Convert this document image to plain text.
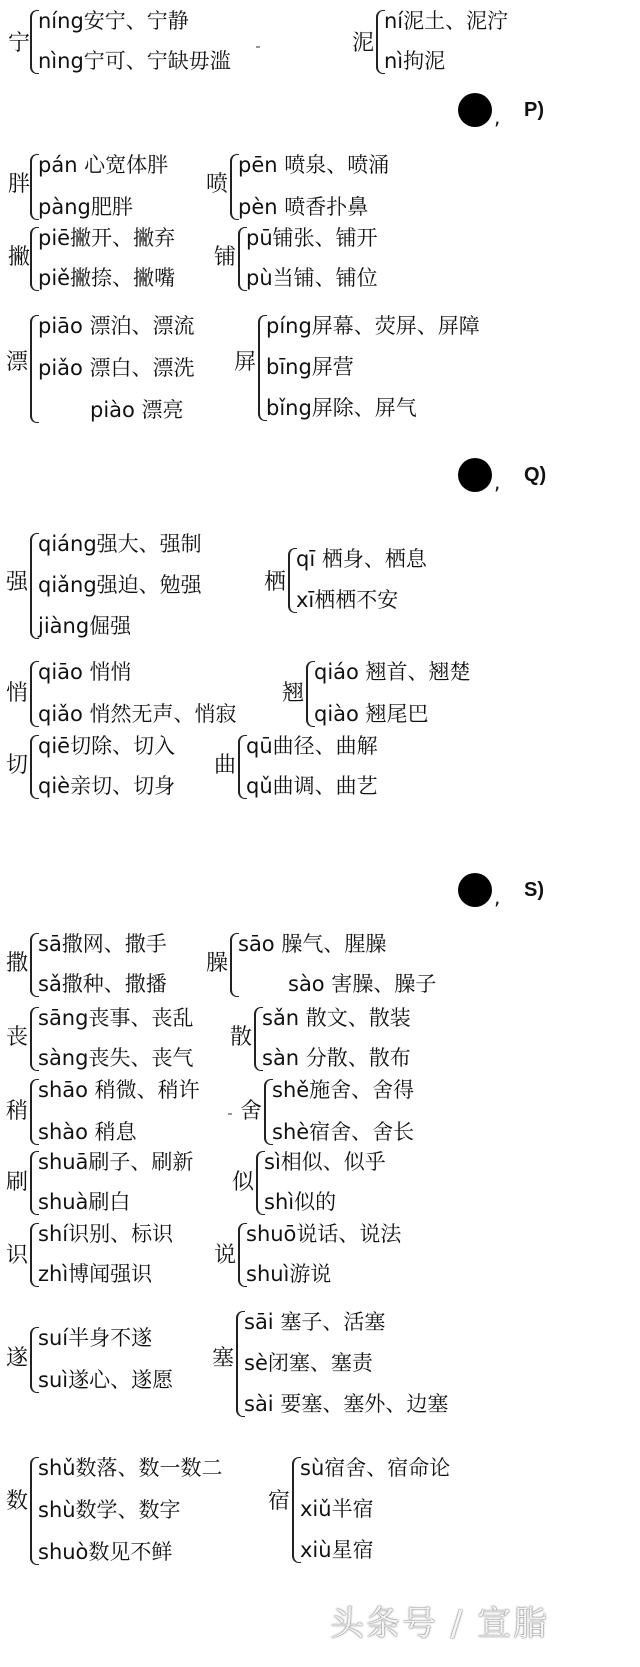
, P)
, Q)
, S)
宁
níng安宁、宁静
nìng宁可、宁缺毋滥
泥
ní泥土、泥泞
nì拘泥
胖
pán 心宽体胖
pàng肥胖
喷
pēn 喷泉、喷涌
pèn 喷香扑鼻
撇
piē撇开、撇弃
piě撇捺、撇嘴
铺
pū铺张、铺开
pù当铺、铺位
漂
piāo 漂泊、漂流
piǎo 漂白、漂洗
piào 漂亮
屏
píng屏幕、荧屏、屏障
bīng屏营
bǐng屏除、屏气
强
qiáng强大、强制
qiǎng强迫、勉强
jiàng倔强
栖
qī 栖身、栖息
xī栖栖不安
悄
qiāo 悄悄
qiǎo 悄然无声、悄寂
翘
qiáo 翘首、翘楚
qiào 翘尾巴
切
qiē切除、切入
qiè亲切、切身
曲
qū曲径、曲解
qǔ曲调、曲艺
撒
sā撒网、撒手
sǎ撒种、撒播
臊
sāo 臊气、腥臊
sào 害臊、臊子
丧
sāng丧事、丧乱
sàng丧失、丧气
散
sǎn 散文、散装
sàn 分散、散布
稍
shāo 稍微、稍许
shào 稍息
舍
shě施舍、舍得
shè宿舍、舍长
刷
shuā刷子、刷新
shuà刷白
似
sì相似、似乎
shì似的
识
shí识别、标识
zhì博闻强识
说
shuō说话、说法
shuì游说
遂
suí半身不遂
suì遂心、遂愿
塞
sāi 塞子、活塞
sè闭塞、塞责
sài 要塞、塞外、边塞
数
shǔ数落、数一数二
shù数学、数字
shuò数见不鲜
宿
sù宿舍、宿命论
xiǔ半宿
xiù星宿
头条号 / 宣脂
